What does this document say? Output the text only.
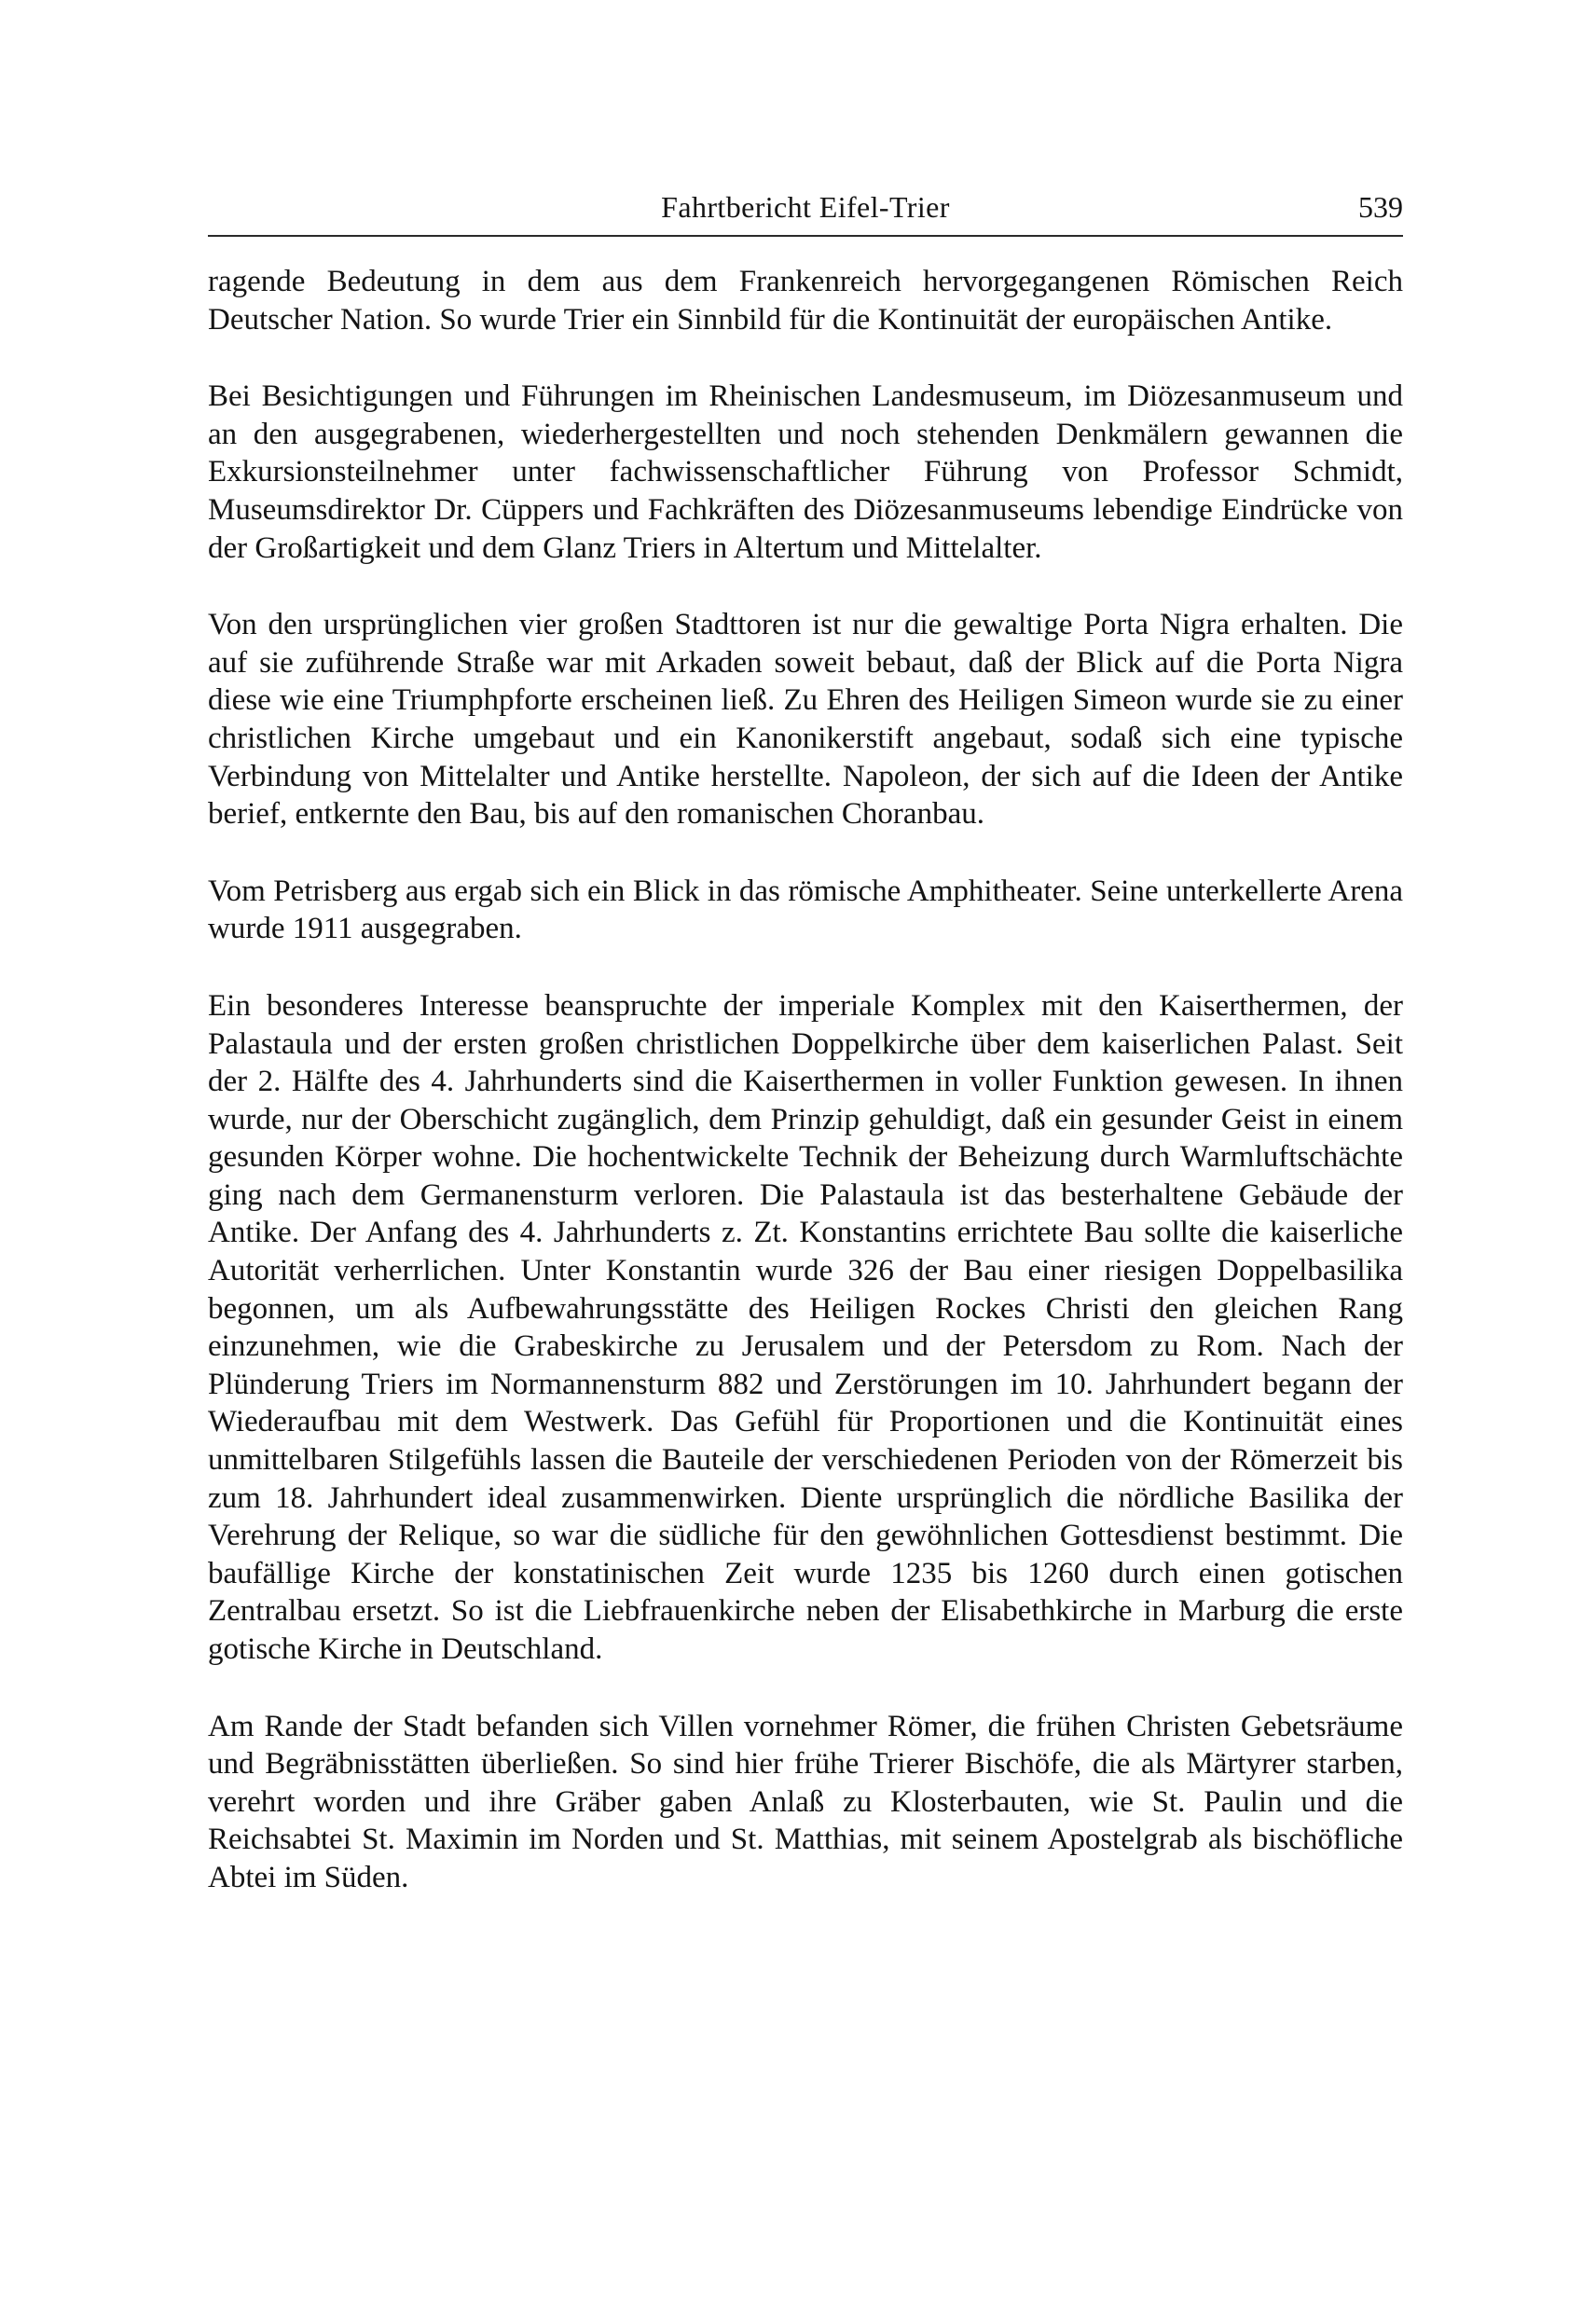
Fahrtbericht Eifel-Trier	539

ragende Bedeutung in dem aus dem Frankenreich hervorgegangenen Römischen Reich Deutscher Nation. So wurde Trier ein Sinnbild für die Kontinuität der europäischen Antike.

Bei Besichtigungen und Führungen im Rheinischen Landesmuseum, im Diözesanmuseum und an den ausgegrabenen, wiederhergestellten und noch stehenden Denkmälern gewannen die Exkursionsteilnehmer unter fachwissenschaftlicher Führung von Professor Schmidt, Museumsdirektor Dr. Cüppers und Fachkräften des Diözesanmuseums lebendige Eindrücke von der Großartigkeit und dem Glanz Triers in Altertum und Mittelalter.

Von den ursprünglichen vier großen Stadttoren ist nur die gewaltige Porta Nigra erhalten. Die auf sie zuführende Straße war mit Arkaden soweit bebaut, daß der Blick auf die Porta Nigra diese wie eine Triumphpforte erscheinen ließ. Zu Ehren des Heiligen Simeon wurde sie zu einer christlichen Kirche umgebaut und ein Kanonikerstift angebaut, sodaß sich eine typische Verbindung von Mittelalter und Antike herstellte. Napoleon, der sich auf die Ideen der Antike berief, entkernte den Bau, bis auf den romanischen Choranbau.

Vom Petrisberg aus ergab sich ein Blick in das römische Amphitheater. Seine unterkellerte Arena wurde 1911 ausgegraben.

Ein besonderes Interesse beanspruchte der imperiale Komplex mit den Kaiserthermen, der Palastaula und der ersten großen christlichen Doppelkirche über dem kaiserlichen Palast. Seit der 2. Hälfte des 4. Jahrhunderts sind die Kaiserthermen in voller Funktion gewesen. In ihnen wurde, nur der Oberschicht zugänglich, dem Prinzip gehuldigt, daß ein gesunder Geist in einem gesunden Körper wohne. Die hochentwickelte Technik der Beheizung durch Warmluftschächte ging nach dem Germanensturm verloren. Die Palastaula ist das besterhaltene Gebäude der Antike. Der Anfang des 4. Jahrhunderts z. Zt. Konstantins errichtete Bau sollte die kaiserliche Autorität verherrlichen. Unter Konstantin wurde 326 der Bau einer riesigen Doppelbasilika begonnen, um als Aufbewahrungsstätte des Heiligen Rockes Christi den gleichen Rang einzunehmen, wie die Grabeskirche zu Jerusalem und der Petersdom zu Rom. Nach der Plünderung Triers im Normannensturm 882 und Zerstörungen im 10. Jahrhundert begann der Wiederaufbau mit dem Westwerk. Das Gefühl für Proportionen und die Kontinuität eines unmittelbaren Stilgefühls lassen die Bauteile der verschiedenen Perioden von der Römerzeit bis zum 18. Jahrhundert ideal zusammenwirken. Diente ursprünglich die nördliche Basilika der Verehrung der Relique, so war die südliche für den gewöhnlichen Gottesdienst bestimmt. Die baufällige Kirche der konstatinischen Zeit wurde 1235 bis 1260 durch einen gotischen Zentralbau ersetzt. So ist die Liebfrauenkirche neben der Elisabethkirche in Marburg die erste gotische Kirche in Deutschland.

Am Rande der Stadt befanden sich Villen vornehmer Römer, die frühen Christen Gebetsräume und Begräbnisstätten überließen. So sind hier frühe Trierer Bischöfe, die als Märtyrer starben, verehrt worden und ihre Gräber gaben Anlaß zu Klosterbauten, wie St. Paulin und die Reichsabtei St. Maximin im Norden und St. Matthias, mit seinem Apostelgrab als bischöfliche Abtei im Süden.
